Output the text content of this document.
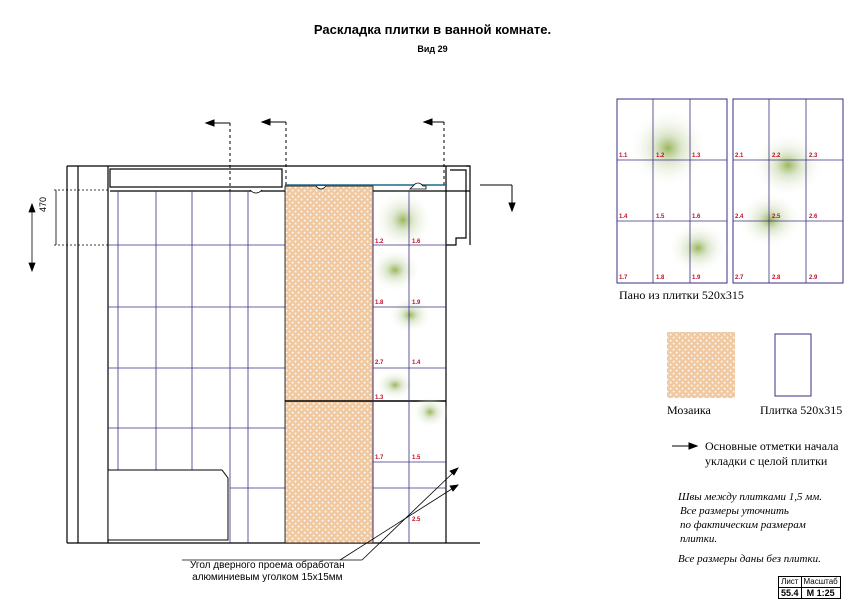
Раскладка плитки в ванной комнате.
Вид 29
1.1	1.2	1.3
1.4	1.5	1.6
1.7	1.8	1.9
2.1	2.2	2.3
2.4	2.5	2.6
2.7	2.8	2.9
1.2	1.6
1.8	1.9
2.7	1.4
1.3
1.7	1.5
2.5
470
Пано из плитки 520х315
Мозаика	Плитка 520х315
Основные отметки начала
укладки с целой плитки
Швы между плитками 1,5 мм.
Все размеры уточнить
по фактическим размерам
плитки.
Все размеры даны без плитки.
Угол дверного проема обработан
алюминиевым уголком 15х15мм	Лист	Масштаб
55.4	М 1:25
